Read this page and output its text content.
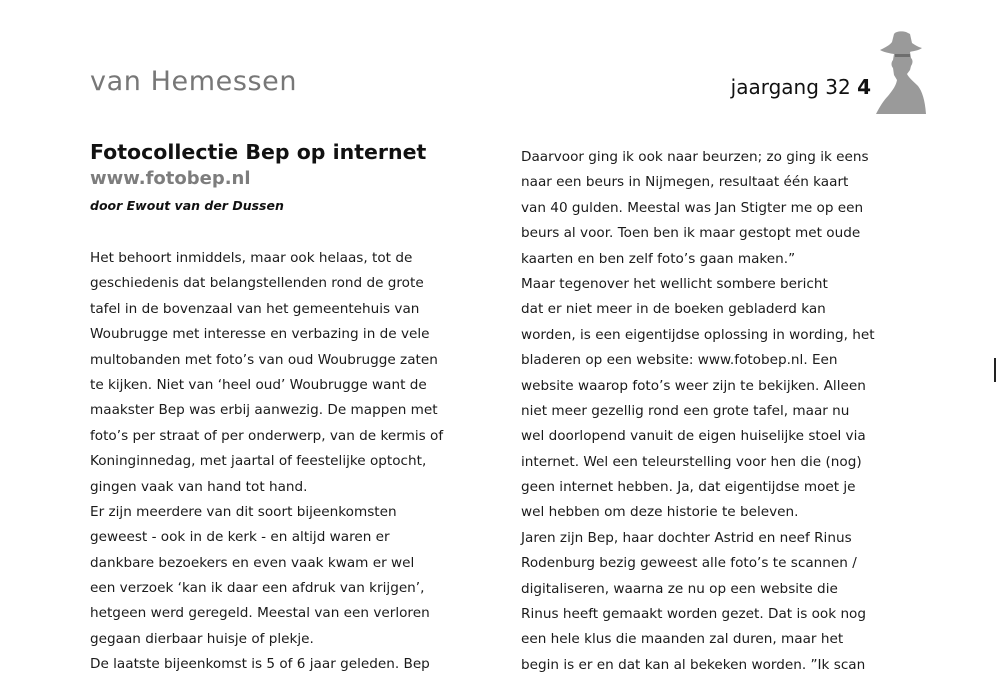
van Hemessen	jaargang 32 4
Fotocollectie Bep op internet
www.fotobep.nl
door Ewout van der Dussen
Het behoort inmiddels, maar ook helaas, tot de
geschiedenis dat belangstellenden rond de grote
tafel in de bovenzaal van het gemeentehuis van
Woubrugge met interesse en verbazing in de vele
multobanden met foto’s van oud Woubrugge zaten
te kijken. Niet van ‘heel oud’ Woubrugge want de
maakster Bep was erbij aanwezig. De mappen met
foto’s per straat of per onderwerp, van de kermis of
Koninginnedag, met jaartal of feestelijke optocht,
gingen vaak van hand tot hand.
Er zijn meerdere van dit soort bijeenkomsten
geweest - ook in de kerk - en altijd waren er
dankbare bezoekers en even vaak kwam er wel
een verzoek ‘kan ik daar een afdruk van krijgen’,
hetgeen werd geregeld. Meestal van een verloren
gegaan dierbaar huisje of plekje.
De laatste bijeenkomst is 5 of 6 jaar geleden. Bep
Daarvoor ging ik ook naar beurzen; zo ging ik eens
naar een beurs in Nijmegen, resultaat één kaart
van 40 gulden. Meestal was Jan Stigter me op een
beurs al voor. Toen ben ik maar gestopt met oude
kaarten en ben zelf foto’s gaan maken.”
Maar tegenover het wellicht sombere bericht
dat er niet meer in de boeken gebladerd kan
worden, is een eigentijdse oplossing in wording, het
bladeren op een website: www.fotobep.nl. Een
website waarop foto’s weer zijn te bekijken. Alleen
niet meer gezellig rond een grote tafel, maar nu
wel doorlopend vanuit de eigen huiselijke stoel via
internet. Wel een teleurstelling voor hen die (nog)
geen internet hebben. Ja, dat eigentijdse moet je
wel hebben om deze historie te beleven.
Jaren zijn Bep, haar dochter Astrid en neef Rinus
Rodenburg bezig geweest alle foto’s te scannen /
digitaliseren, waarna ze nu op een website die
Rinus heeft gemaakt worden gezet. Dat is ook nog
een hele klus die maanden zal duren, maar het
begin is er en dat kan al bekeken worden. ”Ik scan
